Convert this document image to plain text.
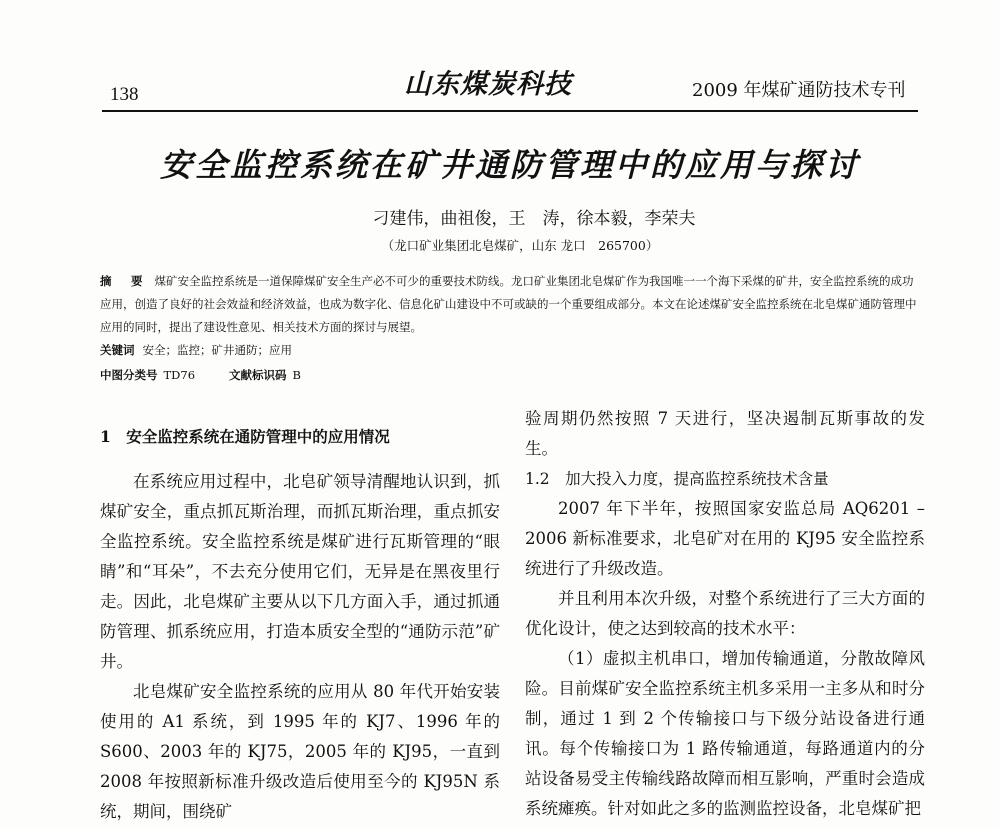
138	山东煤炭科技	2009 年煤矿通防技术专刊
安全监控系统在矿井通防管理中的应用与探讨
刁建伟，曲祖俊，王　涛，徐本毅，李荣夫
（龙口矿业集团北皂煤矿，山东 龙口　265700）
摘　要 煤矿安全监控系统是一道保障煤矿安全生产必不可少的重要技术防线。龙口矿业集团北皂煤矿作为我国唯一一个海下采煤的矿井，安全监控系统的成功应用，创造了良好的社会效益和经济效益，也成为数字化、信息化矿山建设中不可或缺的一个重要组成部分。本文在论述煤矿安全监控系统在北皂煤矿通防管理中应用的同时，提出了建设性意见、相关技术方面的探讨与展望。
关键词 安全；监控；矿井通防；应用
中图分类号 TD76	文献标识码 B
1　安全监控系统在通防管理中的应用情况

在系统应用过程中，北皂矿领导清醒地认识到，抓煤矿安全，重点抓瓦斯治理，而抓瓦斯治理，重点抓安全监控系统。安全监控系统是煤矿进行瓦斯管理的“眼睛”和“耳朵”，不去充分使用它们，无异是在黑夜里行走。因此，北皂煤矿主要从以下几方面入手，通过抓通防管理、抓系统应用，打造本质安全型的“通防示范”矿井。

北皂煤矿安全监控系统的应用从 80 年代开始安装使用的 A1 系统，到 1995 年的 KJ7、1996 年的 S600、2003 年的 KJ75，2005 年的 KJ95，一直到 2008 年按照新标准升级改造后使用至今的 KJ95N 系统，期间，围绕矿

验周期仍然按照 7 天进行，坚决遏制瓦斯事故的发生。

1.2　加大投入力度，提高监控系统技术含量

2007 年下半年，按照国家安监总局 AQ6201 – 2006 新标准要求，北皂矿对在用的 KJ95 安全监控系统进行了升级改造。

并且利用本次升级，对整个系统进行了三大方面的优化设计，使之达到较高的技术水平：

（1）虚拟主机串口，增加传输通道，分散故障风险。目前煤矿安全监控系统主机多采用一主多从和时分制，通过 1 到 2 个传输接口与下级分站设备进行通讯。每个传输接口为 1 路传输通道，每路通道内的分站设备易受主传输线路故障而相互影响，严重时会造成系统瘫痪。针对如此之多的监测监控设备，北皂煤矿把
